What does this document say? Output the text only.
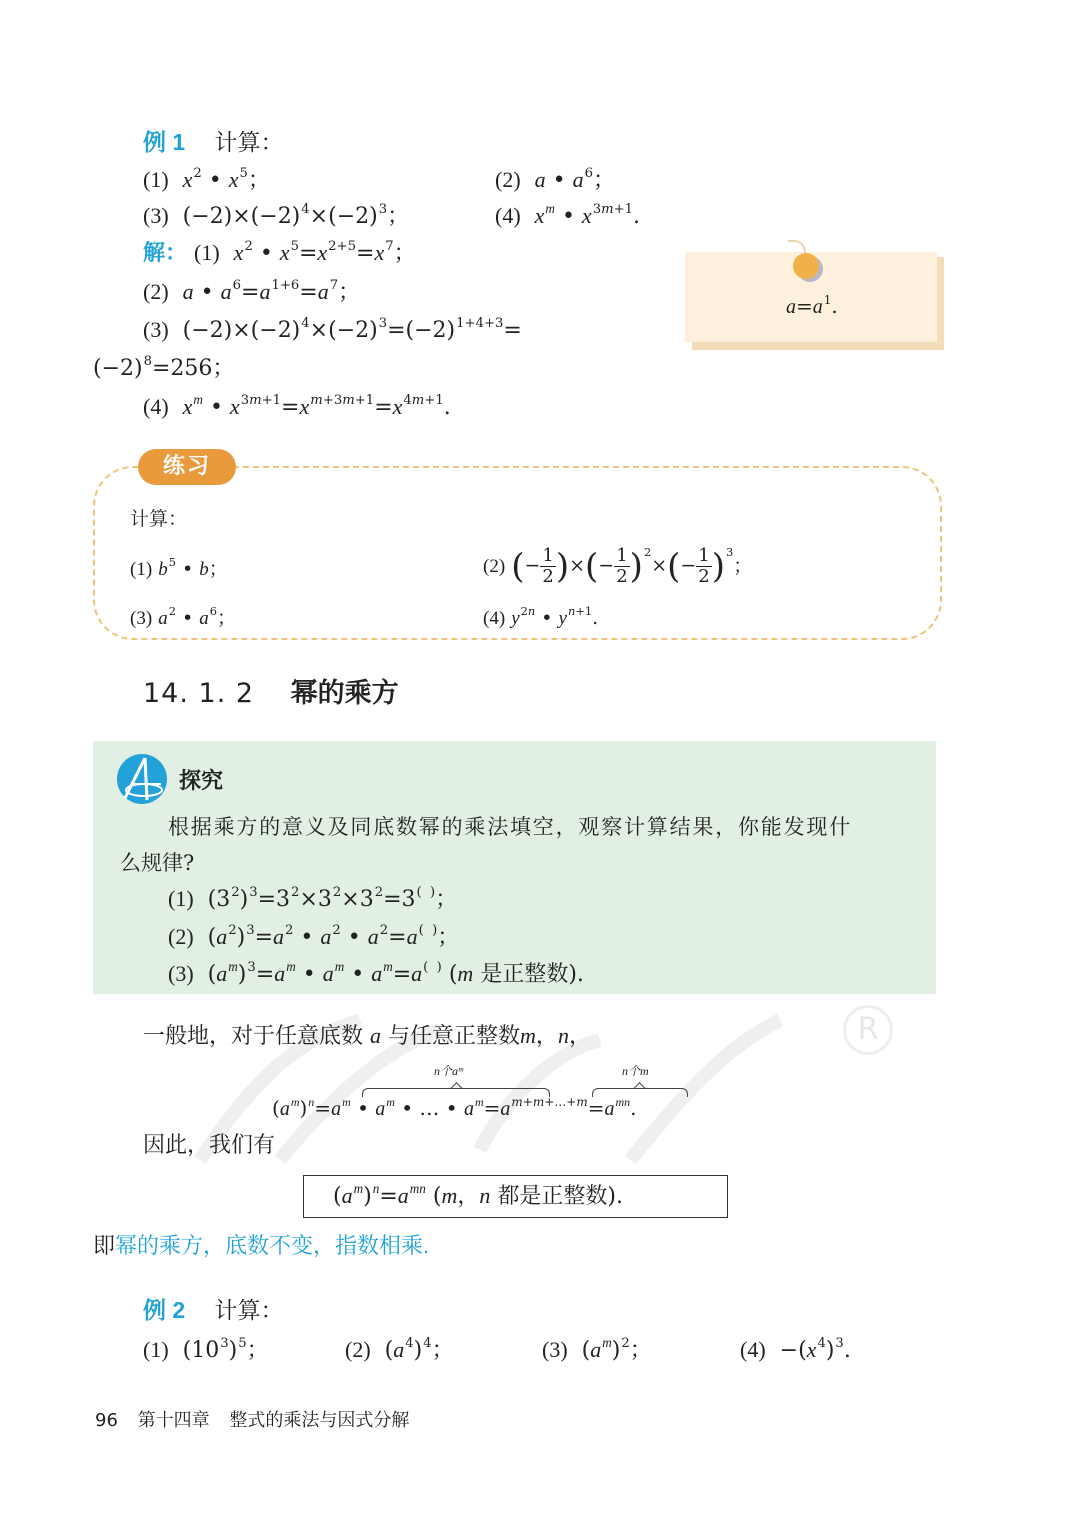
R
例 1 计算：
(1) $x^2$ • $x^5$；	(2) a • $a^6$；
(3)  $(-2)\times(-2)^4\times(-2)^3$；	(4) $x^m$ • $x^{3m+1}$.
解： (1) $x^2$ • $x^5=x^{2+5}=x^7$；
(2) a • $a^6=a^{1+6}=a^7$；
(3)  $(-2)\times(-2)^4\times(-2)^3=(-2)^{1+4+3}=$
$(-2)^8=256$；
(4) $x^m$ • $x^{3m+1}=x^{m+3m+1}=x^{4m+1}$.
$a=a^1$.
练习
计算：
(1) $b^5$ • b；	(2) (− $\frac{1}{2}$ )×(− $\frac{1}{2} )^2\times(- \frac{1}{2} )^3$；
(3) $a^2$ • $a^6$；	(4) $y^{2n}$ • $y^{n+1}$.
14. 1. 2 幂的乘方
探究
根据乘方的意义及同底数幂的乘法填空，观察计算结果，你能发现什
么规律?
(1)  $(3^2)^3=3^2\times 3^2\times 3^2=3^{( )}$；
(2)  $(a^2)^3=a^2$ • $a^2$ • $a^2=a^{( )}$；
(3)  $(a^m)^3=a^m$ • $a^m$ • $a^m=a^{( )}$ (m 是正整数).
一般地，对于任意底数 a 与任意正整数m，n，
n个aᵐ	n个m
$(a^m)^n=a^m$ • $a^m$ • … • $a^m=a^{m+m+\dots+m}=a^{mn}$.
因此，我们有
$(a^m)^n=a^{mn}$ (m，n 都是正整数).
即幂的乘方，底数不变，指数相乘.
例 2 计算：
(1)  $(10^3)^5$；	(2)  $(a^4)^4$；	(3)  $(a^m)^2$；	$(4) -(x^4)^3$.
96 第十四章 整式的乘法与因式分解
